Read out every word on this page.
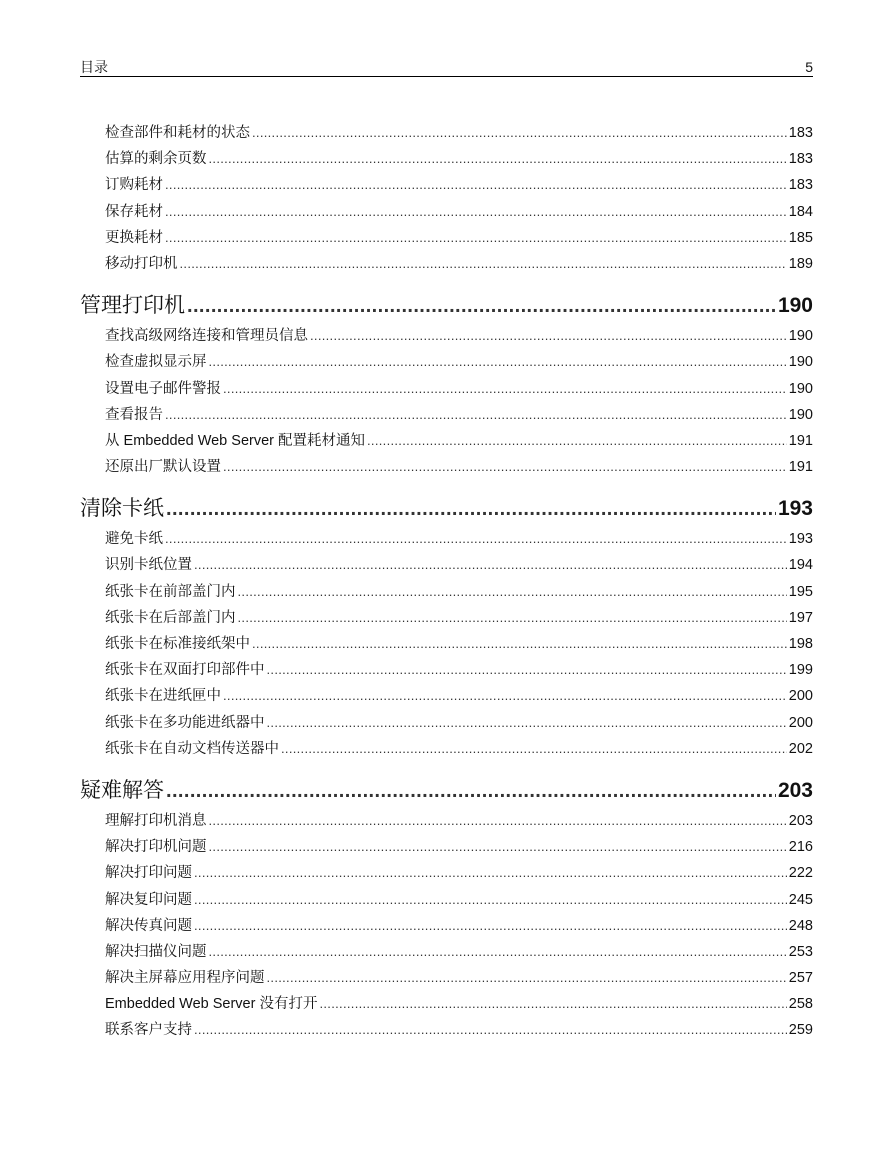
目录	5
检查部件和耗材的状态 .....	183
估算的剩余页数 .....	183
订购耗材 .....	183
保存耗材 .....	184
更换耗材 .....	185
移动打印机 .....	189
管理打印机 .....	190
查找高级网络连接和管理员信息 .....	190
检查虚拟显示屏 .....	190
设置电子邮件警报 .....	190
查看报告 .....	190
从 Embedded Web Server 配置耗材通知 .....	191
还原出厂默认设置 .....	191
清除卡纸 .....	193
避免卡纸 .....	193
识别卡纸位置 .....	194
纸张卡在前部盖门内 .....	195
纸张卡在后部盖门内 .....	197
纸张卡在标准接纸架中 .....	198
纸张卡在双面打印部件中 .....	199
纸张卡在进纸匣中 .....	200
纸张卡在多功能进纸器中 .....	200
纸张卡在自动文档传送器中 .....	202
疑难解答 .....	203
理解打印机消息 .....	203
解决打印机问题 .....	216
解决打印问题 .....	222
解决复印问题 .....	245
解决传真问题 .....	248
解决扫描仪问题 .....	253
解决主屏幕应用程序问题 .....	257
Embedded Web Server 没有打开 .....	258
联系客户支持 .....	259
